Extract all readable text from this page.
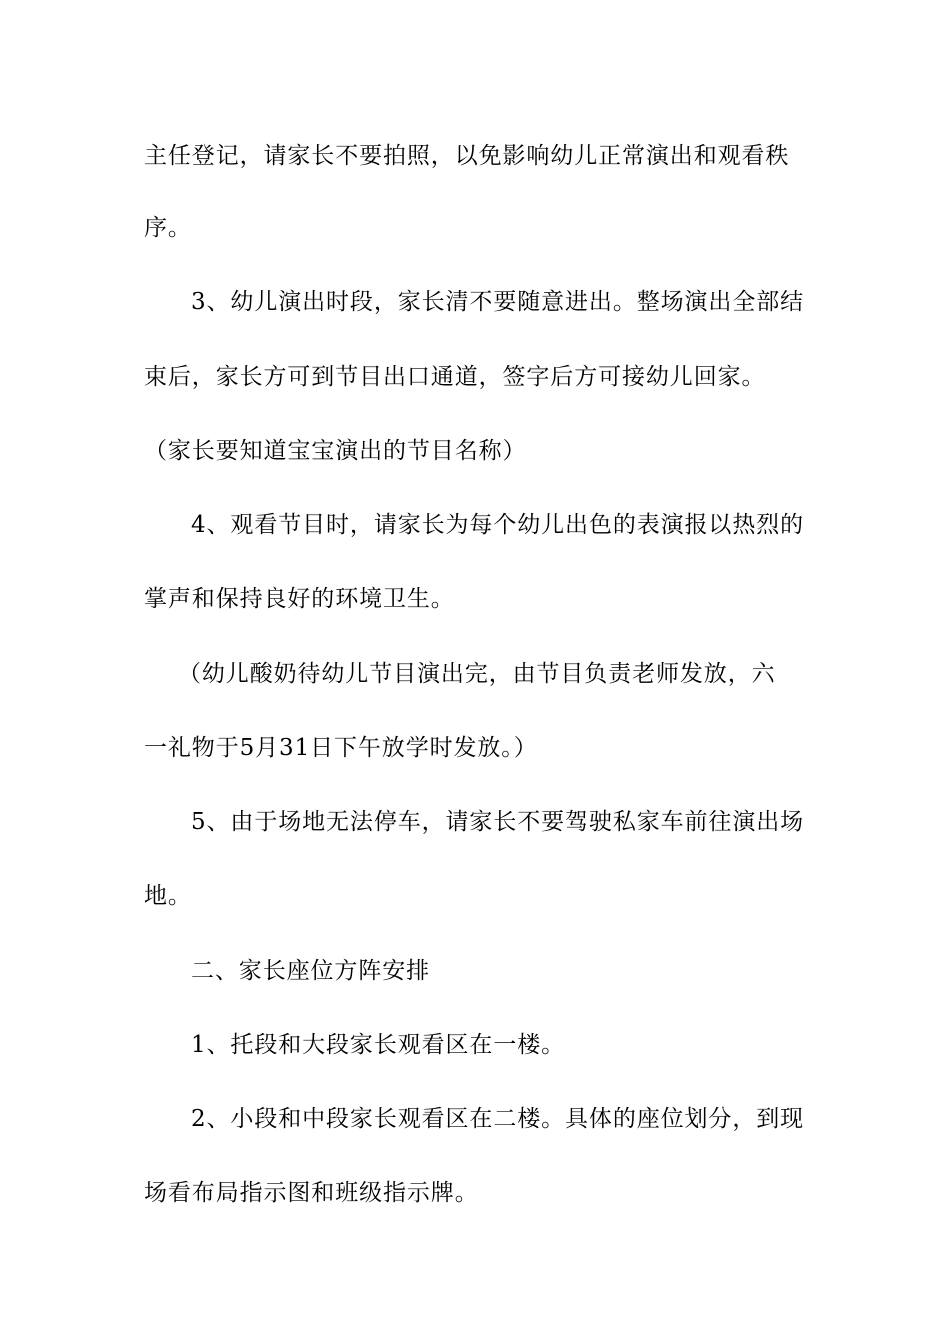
主任登记，请家长不要拍照，以免影响幼儿正常演出和观看秩
序。
3、幼儿演出时段，家长清不要随意进出。整场演出全部结
束后，家长方可到节目出口通道，签字后方可接幼儿回家。
（家长要知道宝宝演出的节目名称）
4、观看节目时，请家长为每个幼儿出色的表演报以热烈的
掌声和保持良好的环境卫生。
（幼儿酸奶待幼儿节目演出完，由节目负责老师发放，六
一礼物于5月31日下午放学时发放。）
5、由于场地无法停车，请家长不要驾驶私家车前往演出场
地。
二、家长座位方阵安排
1、托段和大段家长观看区在一楼。
2、小段和中段家长观看区在二楼。具体的座位划分，到现
场看布局指示图和班级指示牌。
